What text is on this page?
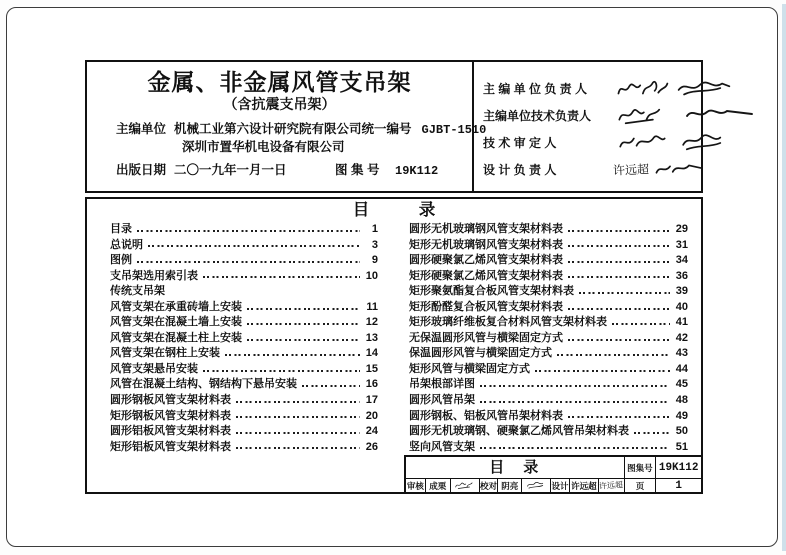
金属、非金属风管支吊架
（含抗震支吊架）
主编单位 机械工业第六设计研究院有限公司 统一编号 GJBT-1510
深圳市置华机电设备有限公司
出版日期 二〇一九年一月一日	图 集 号	19K112
主 编 单 位 负 责 人
主编单位技术负责人
技 术 审 定 人
设 计 负 责 人	许远超
目　　　录
目录	1
总说明	3
图例	9
支吊架选用索引表	10
传统支吊架
风管支架在承重砖墙上安装	11
风管支架在混凝土墙上安装	12
风管支架在混凝土柱上安装	13
风管支架在钢柱上安装	14
风管支架悬吊安装	15
风管在混凝土结构、钢结构下悬吊安装	16
圆形钢板风管支架材料表	17
矩形钢板风管支架材料表	20
圆形铝板风管支架材料表	24
矩形铝板风管支架材料表	26
圆形无机玻璃钢风管支架材料表	29
矩形无机玻璃钢风管支架材料表	31
圆形硬聚氯乙烯风管支架材料表	34
矩形硬聚氯乙烯风管支架材料表	36
矩形聚氨酯复合板风管支架材料表	39
矩形酚醛复合板风管支架材料表	40
矩形玻璃纤维板复合材料风管支架材料表	41
无保温圆形风管与横梁固定方式	42
保温圆形风管与横梁固定方式	43
矩形风管与横梁固定方式	44
吊架根部详图	45
圆形风管吊架	48
圆形钢板、铝板风管吊架材料表	49
圆形无机玻璃钢、硬聚氯乙烯风管吊架材料表	50
竖向风管支架	51
目　录	图集号 19K112
审核 成栗	校对 阴亮	设计 许远超 许远超	页	1
